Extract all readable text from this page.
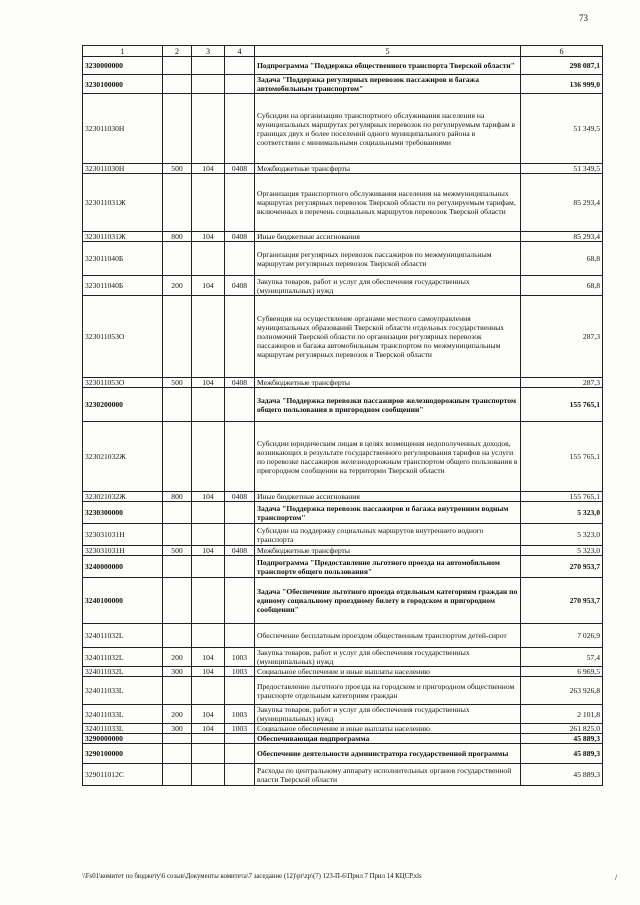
73
1	2	3	4	5	6
3230000000				Подпрограмма "Поддержка общественного транспорта Тверской области"	298 087,1
3230100000				Задача "Поддержка регулярных перевозок пассажиров и багажа автомобильным транспортом"	136 999,0
323011030Н				Субсидии на организацию транспортного обслуживания населения на муниципальных маршрутах регулярных перевозок по регулируемым тарифам в границах двух и более поселений одного муниципального района в соответствии с минимальными социальными требованиями	51 349,5
323011030Н	500	104	0408	Межбюджетные трансферты	51 349,5
323011031Ж				Организация транспортного обслуживания населения на межмуниципальных маршрутах регулярных перевозок Тверской области по регулируемым тарифам, включенных в перечень социальных маршрутов перевозок Тверской области	85 293,4
323011031Ж	800	104	0408	Иные бюджетные ассигнования	85 293,4
323011040Б				Организация регулярных перевозок пассажиров по межмуниципальным маршрутам регулярных перевозок Тверской области	68,8
323011040Б	200	104	0408	Закупка товаров, работ и услуг для обеспечения государственных (муниципальных) нужд	68,8
323011053О				Субвенция на осуществление органами местного самоуправления муниципальных образований Тверской области отдельных государственных полномочий Тверской области по организации регулярных перевозок пассажиров и багажа автомобильным транспортом по межмуниципальным маршрутам регулярных перевозок в Тверской области	287,3
323011053О	500	104	0408	Межбюджетные трансферты	287,3
3230200000				Задача "Поддержка перевозки пассажиров железнодорожным транспортом общего пользования в пригородном сообщении"	155 765,1
323021032Ж				Субсидии юридическим лицам в целях возмещения недополученных доходов, возникающих в результате государственного регулирования тарифов на услуги по перевозке пассажиров железнодорожным транспортом общего пользования в пригородном сообщении на территории Тверской области	155 765,1
323021032Ж	800	104	0408	Иные бюджетные ассигнования	155 765,1
3230300000				Задача "Поддержка перевозок пассажиров и багажа внутренним водным транспортом"	5 323,0
323031031Н				Субсидии на поддержку социальных маршрутов внутреннего водного транспорта	5 323,0
323031031Н	500	104	0408	Межбюджетные трансферты	5 323,0
3240000000				Подпрограмма "Предоставление льготного проезда на автомобильном транспорте общего пользования"	270 953,7
3240100000				Задача "Обеспечение льготного проезда отдельным категориям граждан по единому социальному проездному билету в городском и пригородном сообщении"	270 953,7
324011032L				Обеспечение бесплатным проездом общественным транспортом детей-сирот	7 026,9
324011032L	200	104	1003	Закупка товаров, работ и услуг для обеспечения государственных (муниципальных) нужд	57,4
324011032L	300	104	1003	Социальное обеспечение и иные выплаты населению	6 969,5
324011033L				Предоставление льготного проезда на городском и пригородном общественном транспорте отдельным категориям граждан	263 926,8
324011033L	200	104	1003	Закупка товаров, работ и услуг для обеспечения государственных (муниципальных) нужд	2 101,8
324011033L	300	104	1003	Социальное обеспечение и иные выплаты населению	261 825,0
3290000000				Обеспечивающая подпрограмма	45 889,3
3290100000				Обеспечение деятельности администратора государственной программы	45 889,3
329011012С				Расходы по центральному аппарату исполнительных органов государственной власти Тверской области	45 889,3
\\Fs01\комитет по бюджету\6 созыв\Документы комитета\7 заседание (12)\pr\zp\(7) 123-П-6\Прил 7 Прил 14 КЦСР.xls	/
